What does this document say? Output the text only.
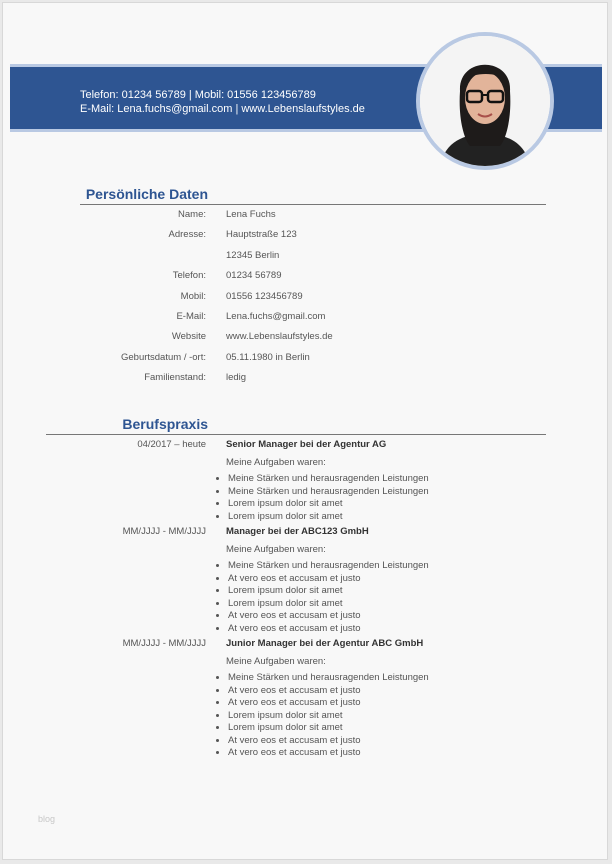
Telefon: 01234 56789 | Mobil: 01556 123456789
E-Mail: Lena.fuchs@gmail.com | www.Lebenslaufstyles.de
Persönliche Daten
Name: Lena Fuchs
Adresse: Hauptstraße 123
12345 Berlin
Telefon: 01234 56789
Mobil: 01556 123456789
E-Mail: Lena.fuchs@gmail.com
Website www.Lebenslaufstyles.de
Geburtsdatum / -ort: 05.11.1980 in Berlin
Familienstand: ledig
Berufspraxis
04/2017 – heute Senior Manager bei der Agentur AG
Meine Aufgaben waren:
• Meine Stärken und herausragenden Leistungen
• Meine Stärken und herausragenden Leistungen
• Lorem ipsum dolor sit amet
• Lorem ipsum dolor sit amet
MM/JJJJ - MM/JJJJ Manager bei der ABC123 GmbH
Meine Aufgaben waren:
• Meine Stärken und herausragenden Leistungen
• At vero eos et accusam et justo
• Lorem ipsum dolor sit amet
• Lorem ipsum dolor sit amet
• At vero eos et accusam et justo
• At vero eos et accusam et justo
MM/JJJJ - MM/JJJJ Junior Manager bei der Agentur ABC GmbH
Meine Aufgaben waren:
• Meine Stärken und herausragenden Leistungen
• At vero eos et accusam et justo
• At vero eos et accusam et justo
• Lorem ipsum dolor sit amet
• Lorem ipsum dolor sit amet
• At vero eos et accusam et justo
• At vero eos et accusam et justo
blog
